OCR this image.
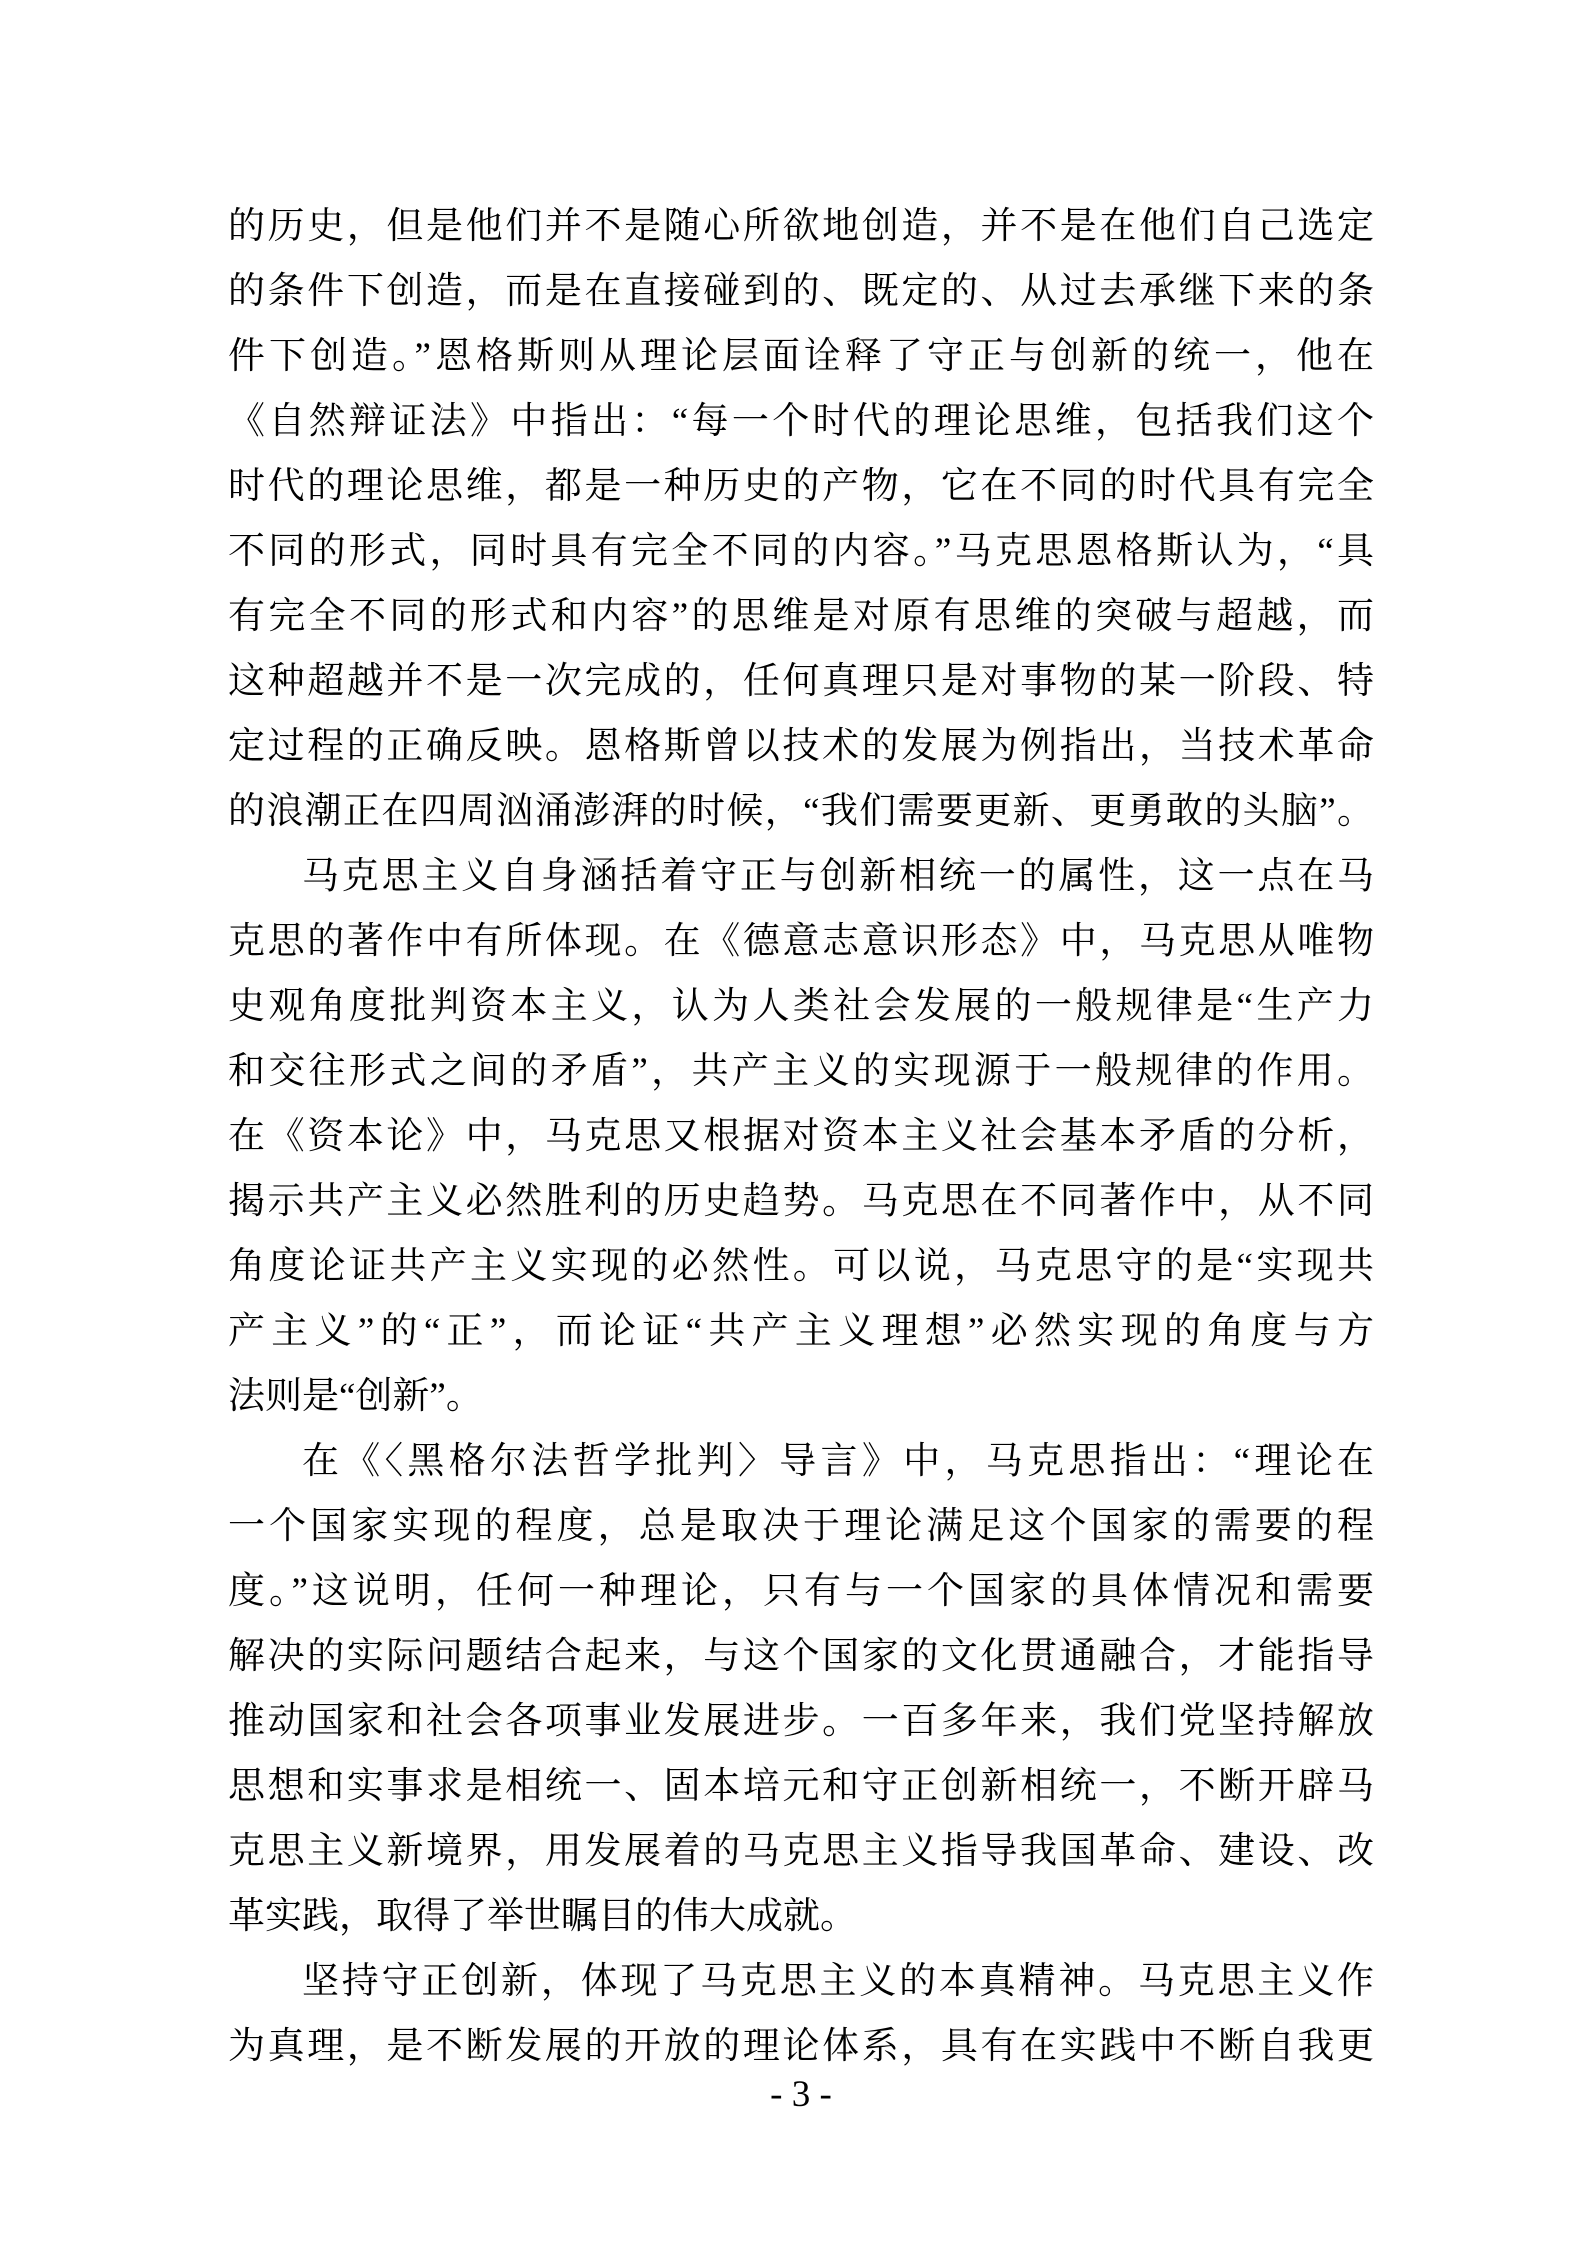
的历史，但是他们并不是随心所欲地创造，并不是在他们自己选定
的条件下创造，而是在直接碰到的、既定的、从过去承继下来的条
件下创造。”恩格斯则从理论层面诠释了守正与创新的统一，他在
《自然辩证法》中指出：“每一个时代的理论思维，包括我们这个
时代的理论思维，都是一种历史的产物，它在不同的时代具有完全
不同的形式，同时具有完全不同的内容。”马克思恩格斯认为，“具
有完全不同的形式和内容”的思维是对原有思维的突破与超越，而
这种超越并不是一次完成的，任何真理只是对事物的某一阶段、特
定过程的正确反映。恩格斯曾以技术的发展为例指出，当技术革命
的浪潮正在四周汹涌澎湃的时候，“我们需要更新、更勇敢的头脑”。
马克思主义自身涵括着守正与创新相统一的属性，这一点在马
克思的著作中有所体现。在《德意志意识形态》中，马克思从唯物
史观角度批判资本主义，认为人类社会发展的一般规律是“生产力
和交往形式之间的矛盾”，共产主义的实现源于一般规律的作用。
在《资本论》中，马克思又根据对资本主义社会基本矛盾的分析，
揭示共产主义必然胜利的历史趋势。马克思在不同著作中，从不同
角度论证共产主义实现的必然性。可以说，马克思守的是“实现共
产主义”的“正”，而论证“共产主义理想”必然实现的角度与方
法则是“创新”。
在《〈黑格尔法哲学批判〉导言》中，马克思指出：“理论在
一个国家实现的程度，总是取决于理论满足这个国家的需要的程
度。”这说明，任何一种理论，只有与一个国家的具体情况和需要
解决的实际问题结合起来，与这个国家的文化贯通融合，才能指导
推动国家和社会各项事业发展进步。一百多年来，我们党坚持解放
思想和实事求是相统一、固本培元和守正创新相统一，不断开辟马
克思主义新境界，用发展着的马克思主义指导我国革命、建设、改
革实践，取得了举世瞩目的伟大成就。
坚持守正创新，体现了马克思主义的本真精神。马克思主义作
为真理，是不断发展的开放的理论体系，具有在实践中不断自我更
- 3 -
